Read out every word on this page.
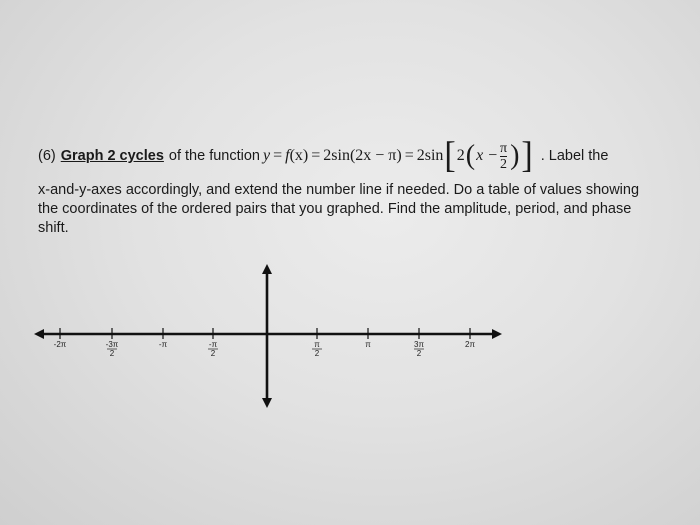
(6) Graph 2 cycles of the function y = f (x) = 2sin (2x − π) = 2sin [ 2 ( $x - \frac{\pi}{2}$ ) ] . Label the
x-and-y-axes accordingly, and extend the number line if needed. Do a table of values showing the coordinates of the ordered pairs that you graphed. Find the amplitude, period, and phase shift.
-2π	-3π
2
-π	-π
2
π
2
π	3π
2
2π
